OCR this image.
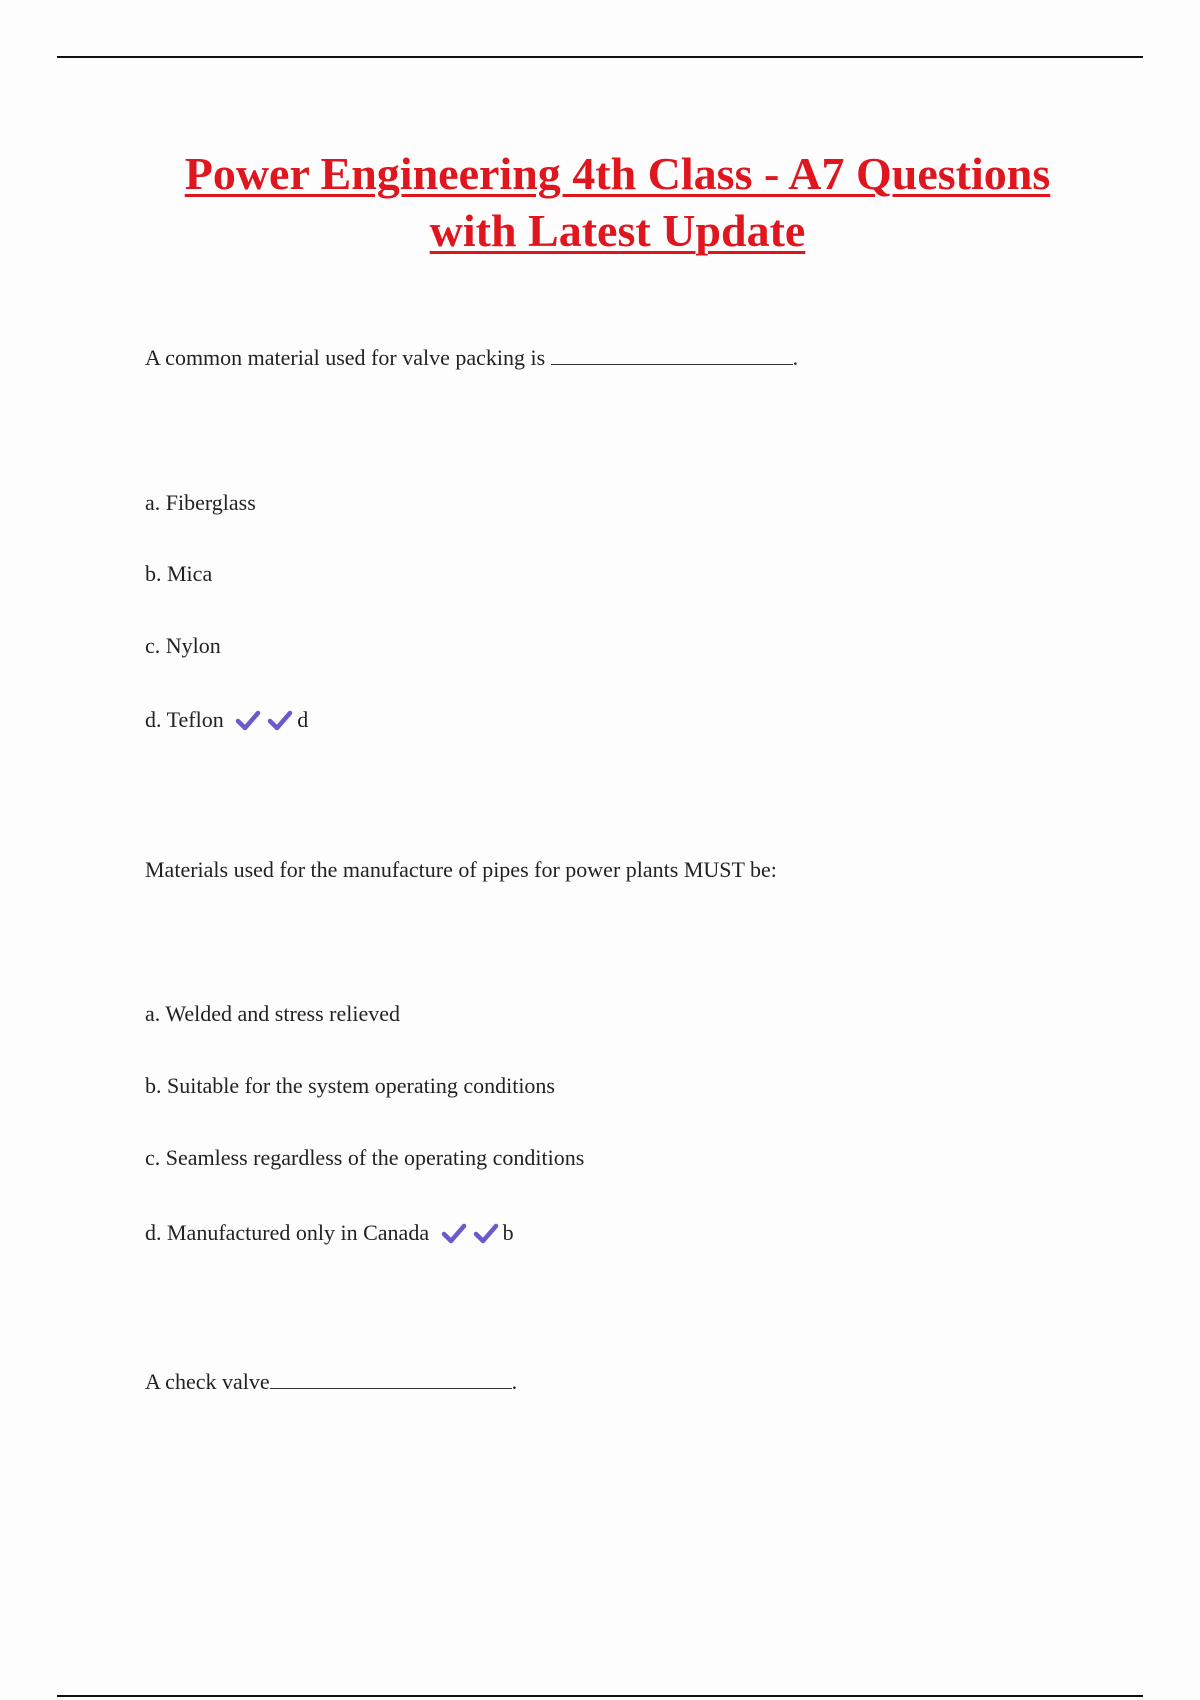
Power Engineering 4th Class - A7 Questions
with Latest Update
A common material used for valve packing is	.
a. Fiberglass
b. Mica
c. Nylon
d. Teflon	d
Materials used for the manufacture of pipes for power plants MUST be:
a. Welded and stress relieved
b. Suitable for the system operating conditions
c. Seamless regardless of the operating conditions
d. Manufactured only in Canada	b
A check valve	.
